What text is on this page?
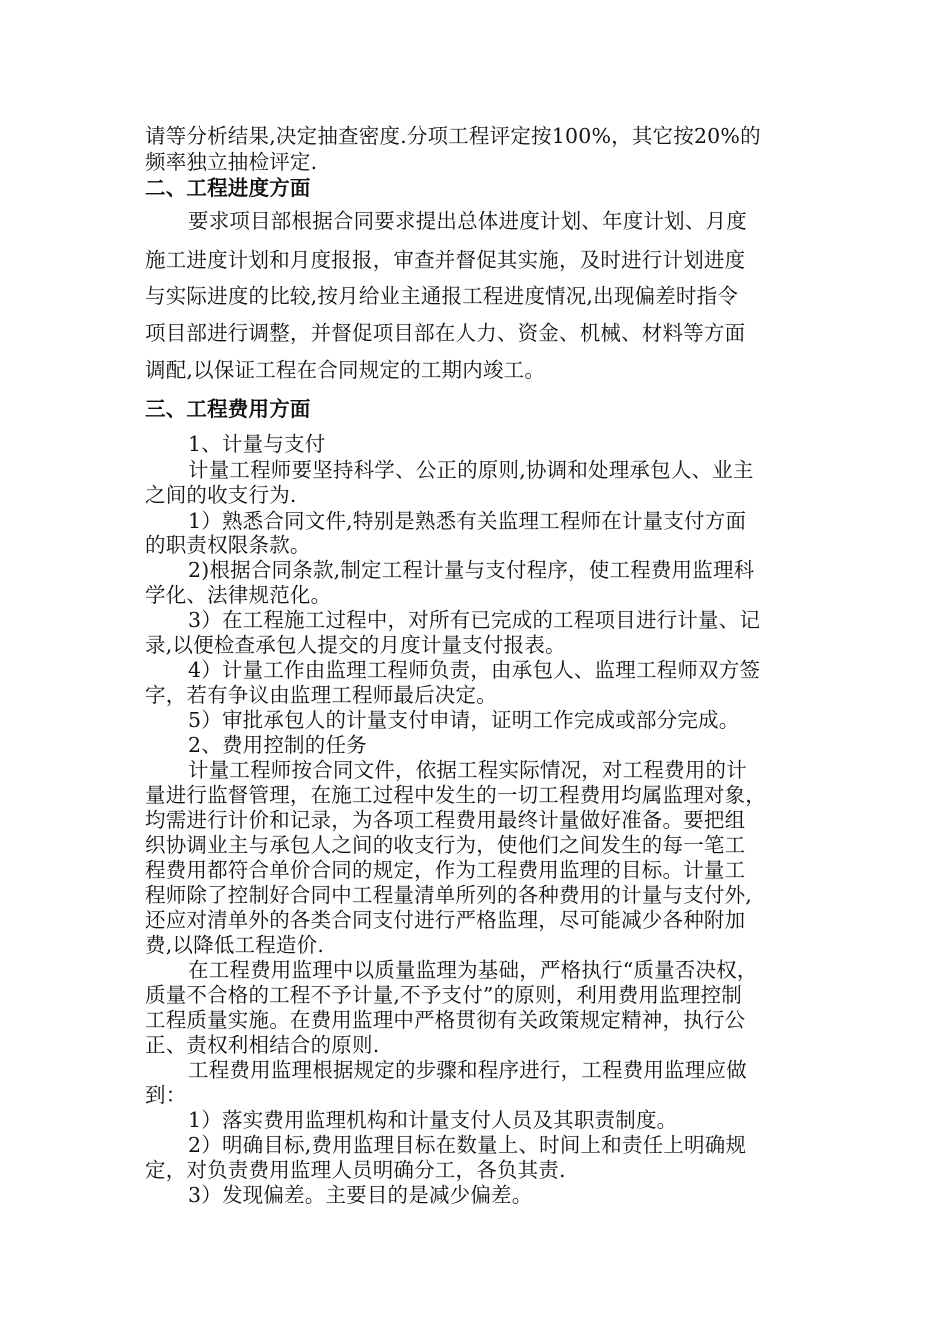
请等分析结果,决定抽查密度.分项工程评定按100%，其它按20%的
频率独立抽检评定.
二、工程进度方面
要求项目部根据合同要求提出总体进度计划、年度计划、月度
施工进度计划和月度报报，审查并督促其实施，及时进行计划进度
与实际进度的比较,按月给业主通报工程进度情况,出现偏差时指令
项目部进行调整，并督促项目部在人力、资金、机械、材料等方面
调配,以保证工程在合同规定的工期内竣工。
三、工程费用方面
1、计量与支付
计量工程师要坚持科学、公正的原则,协调和处理承包人、业主
之间的收支行为.
1）熟悉合同文件,特别是熟悉有关监理工程师在计量支付方面
的职责权限条款。
2)根据合同条款,制定工程计量与支付程序，使工程费用监理科
学化、法律规范化。
3）在工程施工过程中，对所有已完成的工程项目进行计量、记
录,以便检查承包人提交的月度计量支付报表。
4）计量工作由监理工程师负责，由承包人、监理工程师双方签
字，若有争议由监理工程师最后决定。
5）审批承包人的计量支付申请，证明工作完成或部分完成。
2、费用控制的任务
计量工程师按合同文件，依据工程实际情况，对工程费用的计
量进行监督管理，在施工过程中发生的一切工程费用均属监理对象，
均需进行计价和记录，为各项工程费用最终计量做好准备。要把组
织协调业主与承包人之间的收支行为，使他们之间发生的每一笔工
程费用都符合单价合同的规定，作为工程费用监理的目标。计量工
程师除了控制好合同中工程量清单所列的各种费用的计量与支付外,
还应对清单外的各类合同支付进行严格监理，尽可能减少各种附加
费,以降低工程造价.
在工程费用监理中以质量监理为基础，严格执行“质量否决权，
质量不合格的工程不予计量,不予支付”的原则，利用费用监理控制
工程质量实施。在费用监理中严格贯彻有关政策规定精神，执行公
正、责权利相结合的原则.
工程费用监理根据规定的步骤和程序进行，工程费用监理应做
到：
1）落实费用监理机构和计量支付人员及其职责制度。
2）明确目标,费用监理目标在数量上、时间上和责任上明确规
定，对负责费用监理人员明确分工，各负其责.
3）发现偏差。主要目的是减少偏差。
